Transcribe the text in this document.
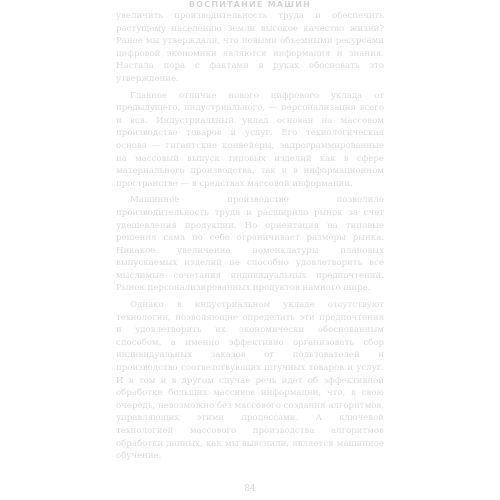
ВОСПИТАНИЕ МАШИН

увеличить производительность труда и обеспечить растущему населению Земли высокое качество жизни? Ранее мы утверждали, что новыми объемными ресурсами цифровой экономики являются информация и знания. Настала пора с фактами в руках обосновать это утверждение.

Главное отличие нового цифрового уклада от предыдущего, индустриального, — персонализация всего и вся. Индустриальный уклад основан на массовом производстве товаров и услуг. Его технологическая основа — гигантские конвейеры, запрограммированные на массовый выпуск типовых изделий как в сфере материального производства, так и в информационном пространстве — в средствах массовой информации.

Машинное производство позволило производительность труда и расширило рынок за счет удешевления продукции. Но ориентация на типовые решения сама по себе ограничивает размеры рынка. Никакое увеличение номенклатуры плановых выпускаемых изделий не способно удовлетворить все мыслимые сочетания индивидуальных предпочтений. Рынок персонализированных продуктов намного шире.

Однако в индустриальном укладе отсутствуют технологии, позволяющие определить эти предпочтения и удовлетворить их экономически обоснованным способом, а именно эффективно организовать сбор индивидуальных заказов от пользователей и производство соответствующих штучных товаров и услуг. И в том и в другом случае речь идет об эффективной обработке больших массивов информации, что, в свою очередь, невозможно без массового создания алгоритмов, управляющих этими процессами. А ключевой технологией массового производства алгоритмов обработки данных, как мы выяснили, является машинное обучение.

84
